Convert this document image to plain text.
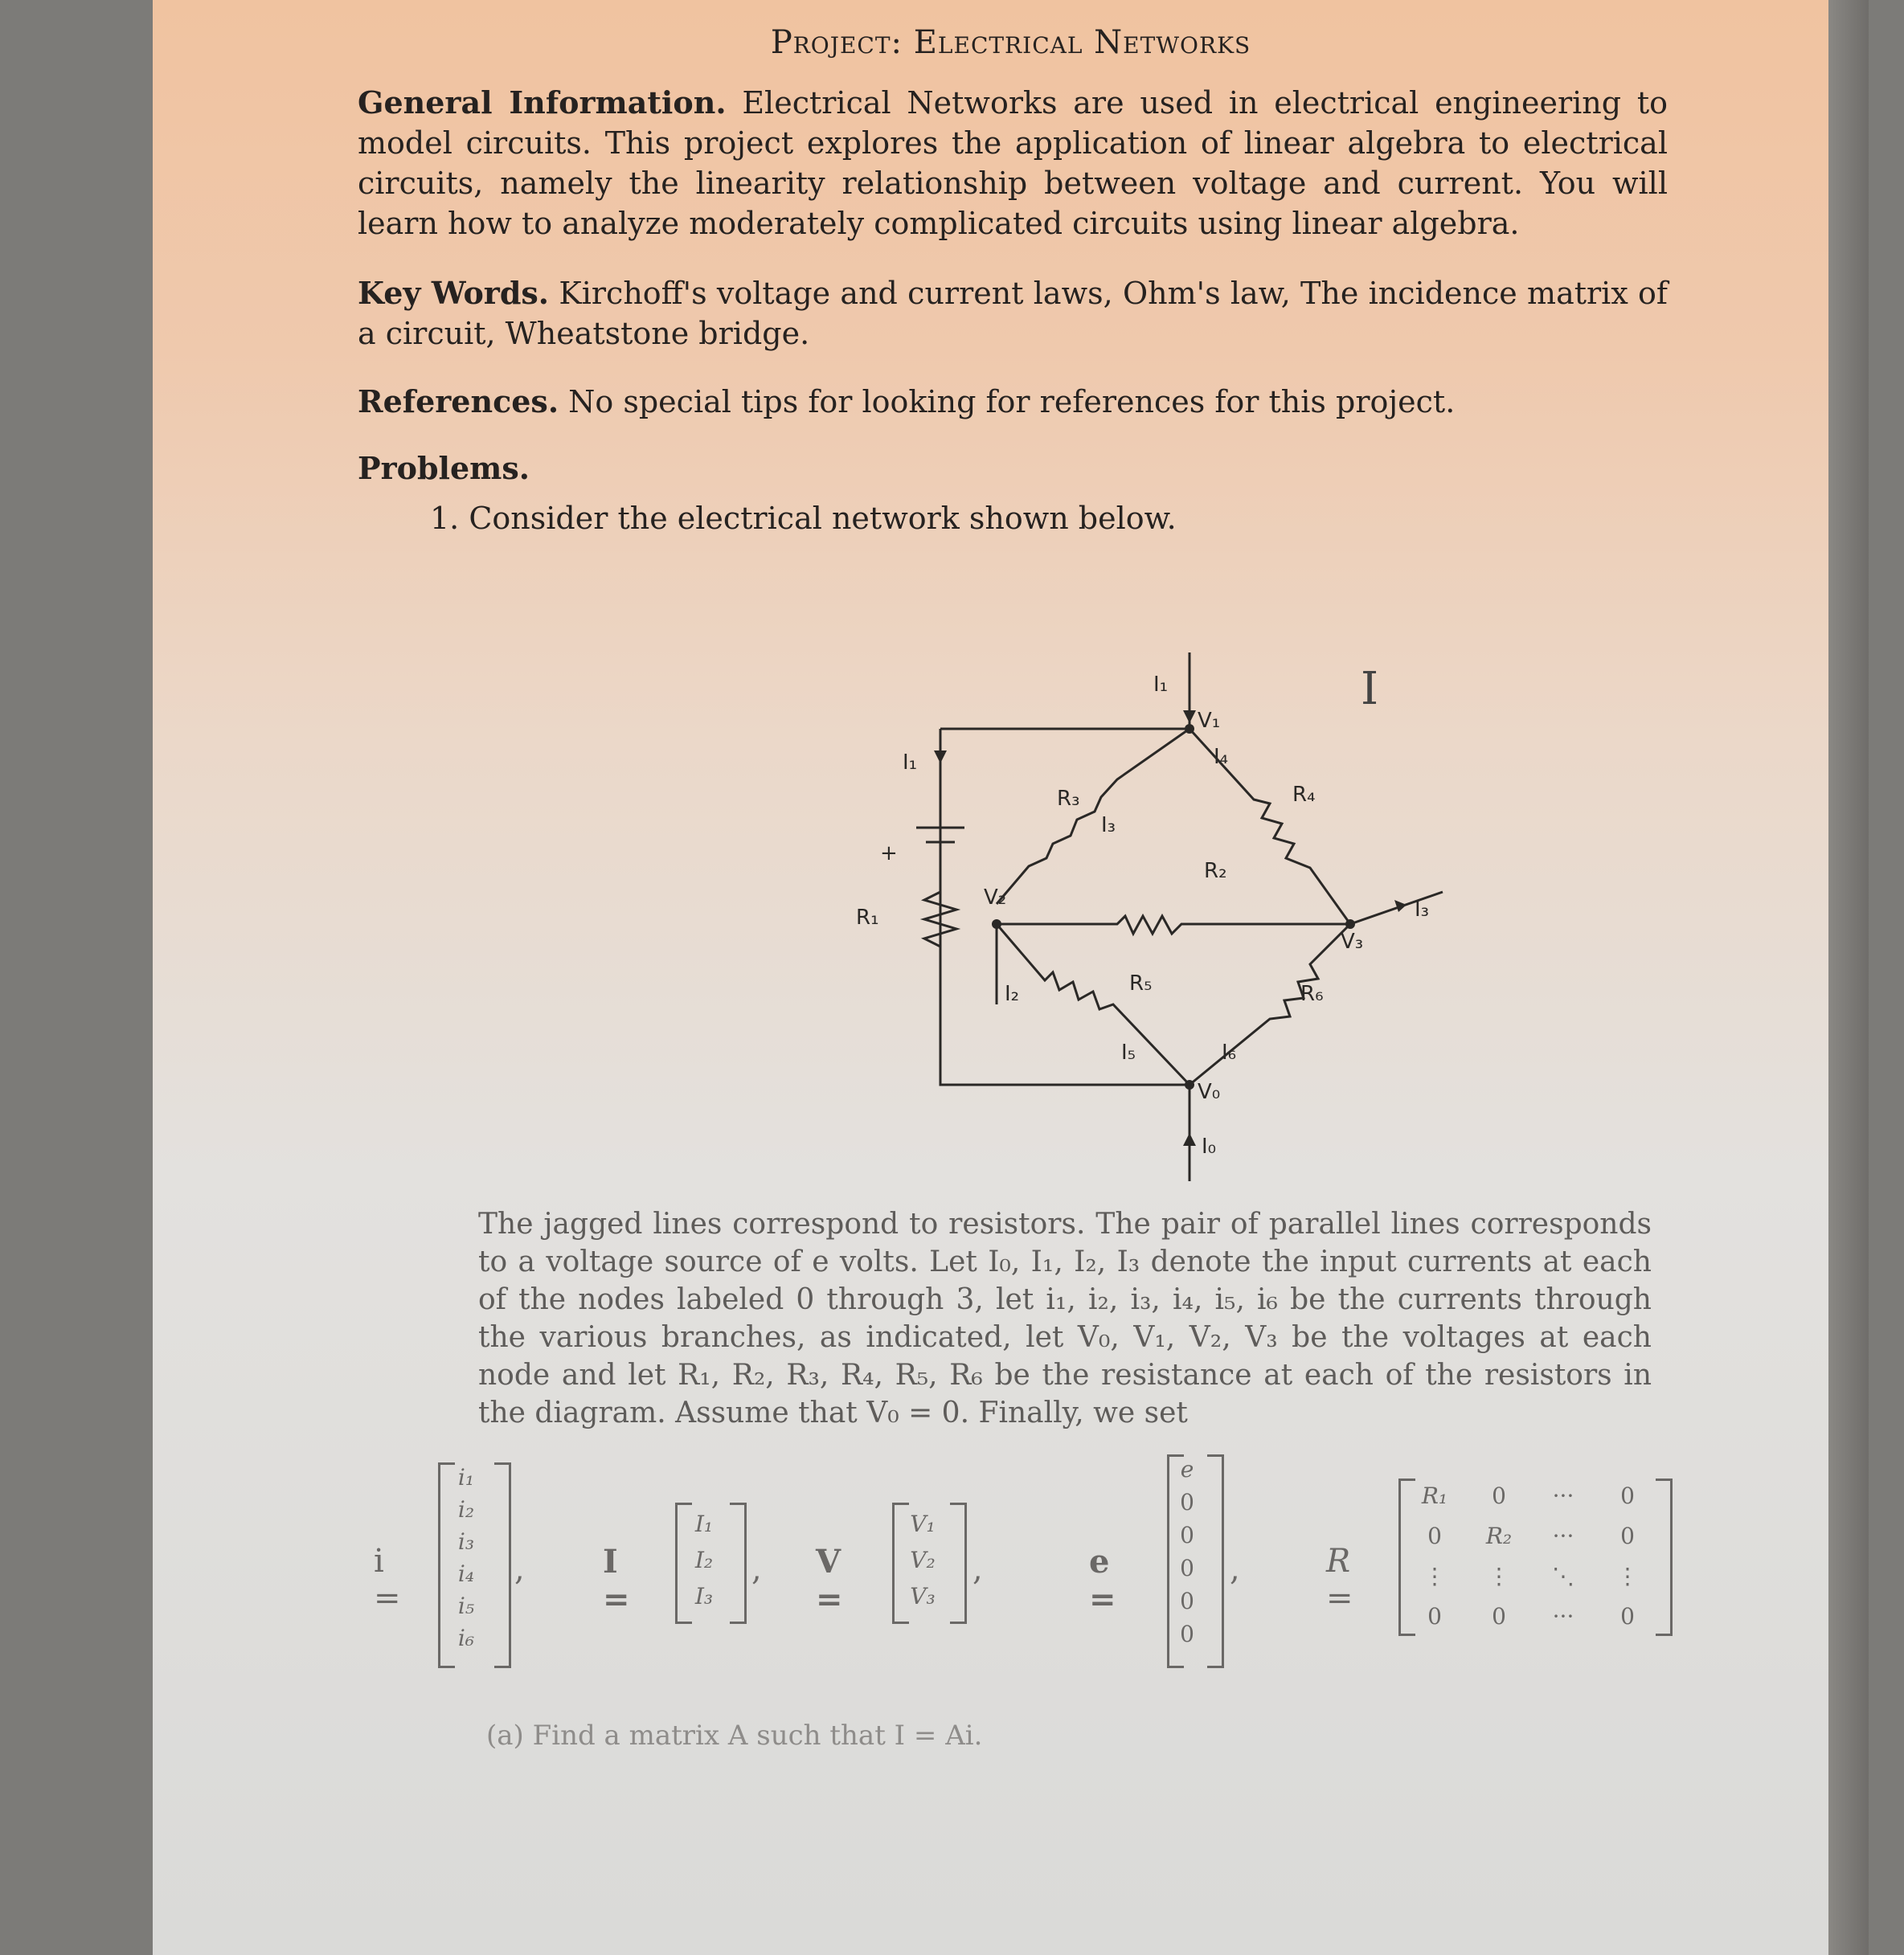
Project: Electrical Networks
General Information. Electrical Networks are used in electrical engineering to model circuits. This project explores the application of linear algebra to electrical circuits, namely the linearity relationship between voltage and current. You will learn how to analyze moderately complicated circuits using linear algebra.
Key Words. Kirchoff's voltage and current laws, Ohm's law, The incidence matrix of a circuit, Wheatstone bridge.
References. No special tips for looking for references for this project.
Problems.
1. Consider the electrical network shown below.
R₁
R₂
R₃	R₄
R₅	R₆
V₁
V₂
V₃
V₀
I₁
I₁
I₃
I₀
I₂
I₃
I₄
I₅	I₆
+
I
The jagged lines correspond to resistors. The pair of parallel lines corresponds to a voltage source of e volts. Let I₀, I₁, I₂, I₃ denote the input currents at each of the nodes labeled 0 through 3, let i₁, i₂, i₃, i₄, i₅, i₆ be the currents through the various branches, as indicated, let V₀, V₁, V₂, V₃ be the voltages at each node and let R₁, R₂, R₃, R₄, R₅, R₆ be the resistance at each of the resistors in the diagram. Assume that V₀ = 0. Finally, we set
i =
i₁
i₂
i₃
i₄
i₅
i₆
, I =
I₁
I₂
I₃
, V =
V₁
V₂
V₃
,	e =
e
0
0
0
0
0
,	R =
R₁	0	···	0
0	R₂	···	0
⋮	⋮	⋱	⋮
0	0	···	0
(a) Find a matrix A such that I = Ai.
